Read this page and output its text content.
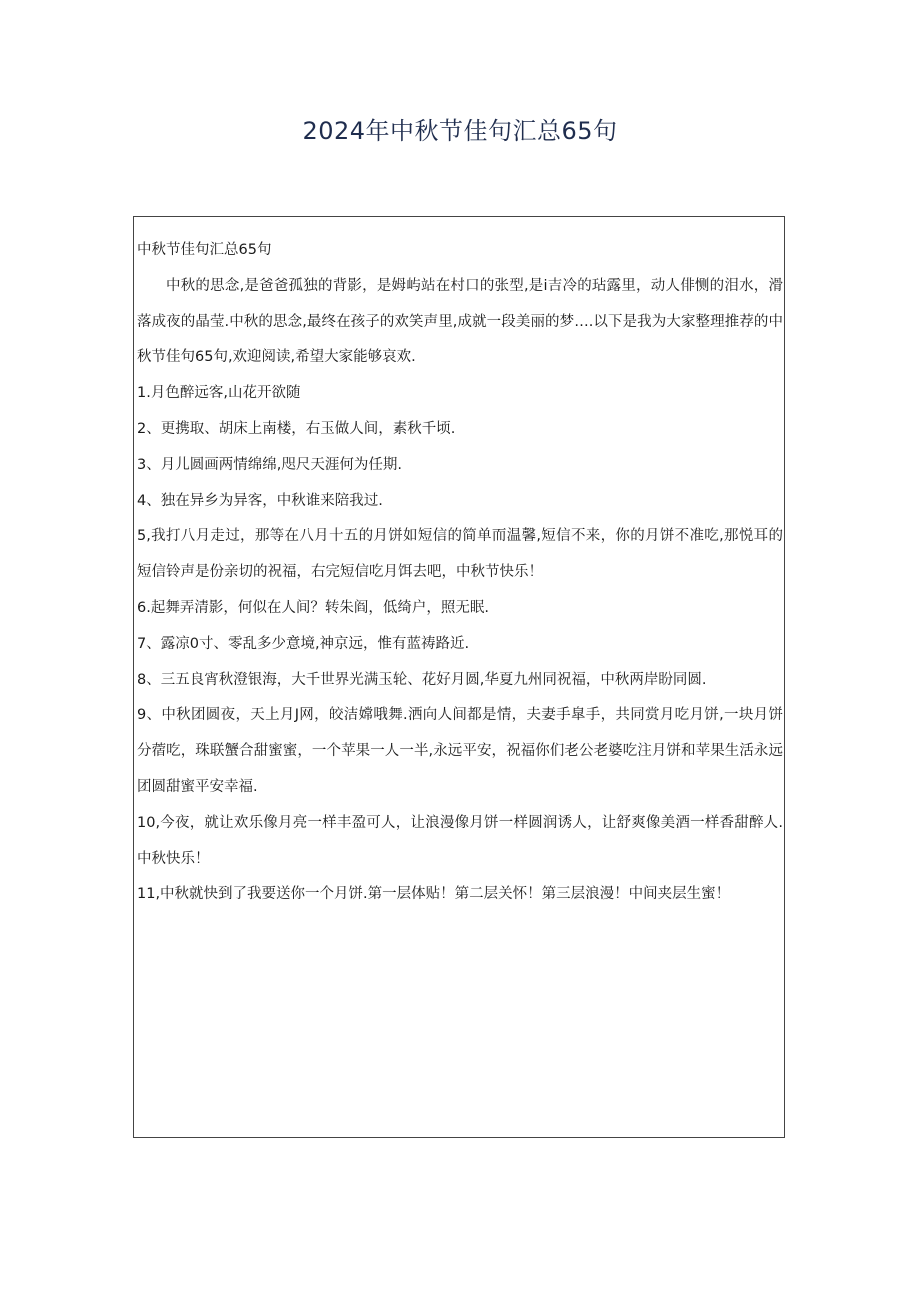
2024年中秋节佳句汇总65句

中秋节佳句汇总65句

中秋的思念,是爸爸孤独的背影，是姆屿站在村口的张型,是i吉冷的玷露里，动人俳恻的泪水，滑落成夜的晶莹.中秋的思念,最终在孩子的欢笑声里,成就一段美丽的梦….以下是我为大家整理推荐的中秋节佳句65句,欢迎阅读,希望大家能够哀欢.

1.月色醉远客,山花开欲随

2、更携取、胡床上南楼，右玉做人间，素秋千顷.

3、月儿圆画两情绵绵,咫尺天涯何为任期.

4、独在异乡为异客，中秋谁来陪我过.

5,我打八月走过，那等在八月十五的月饼如短信的简单而温馨,短信不来，你的月饼不准吃,那悦耳的短信铃声是份亲切的祝福，右完短信吃月饵去吧，中秋节快乐！

6.起舞弄清影，何似在人间？转朱阎，低绮户，照无眠.

7、露凉0寸、零乱多少意境,神京远，惟有蓝祷路近.

8、三五良宵秋澄银海，大千世界光满玉轮、花好月圆,华夏九州同祝福，中秋两岸盼同圆.

9、中秋团圆夜，天上月J网，皎洁嫦哦舞.洒向人间都是情，夫妻手皐手，共同赏月吃月饼,一块月饼分蓿吃，珠联蟹合甜蜜蜜，一个苹果一人一半,永远平安，祝福你们老公老婆吃注月饼和苹果生活永远团圆甜蜜平安幸福.

10,今夜，就让欢乐像月亮一样丰盈可人，让浪漫像月饼一样圆润诱人，让舒爽像美酒一样香甜醉人.中秋快乐！

11,中秋就快到了我要送你一个月饼.第一层体贴！第二层关怀！第三层浪漫！中间夹层生蜜！
